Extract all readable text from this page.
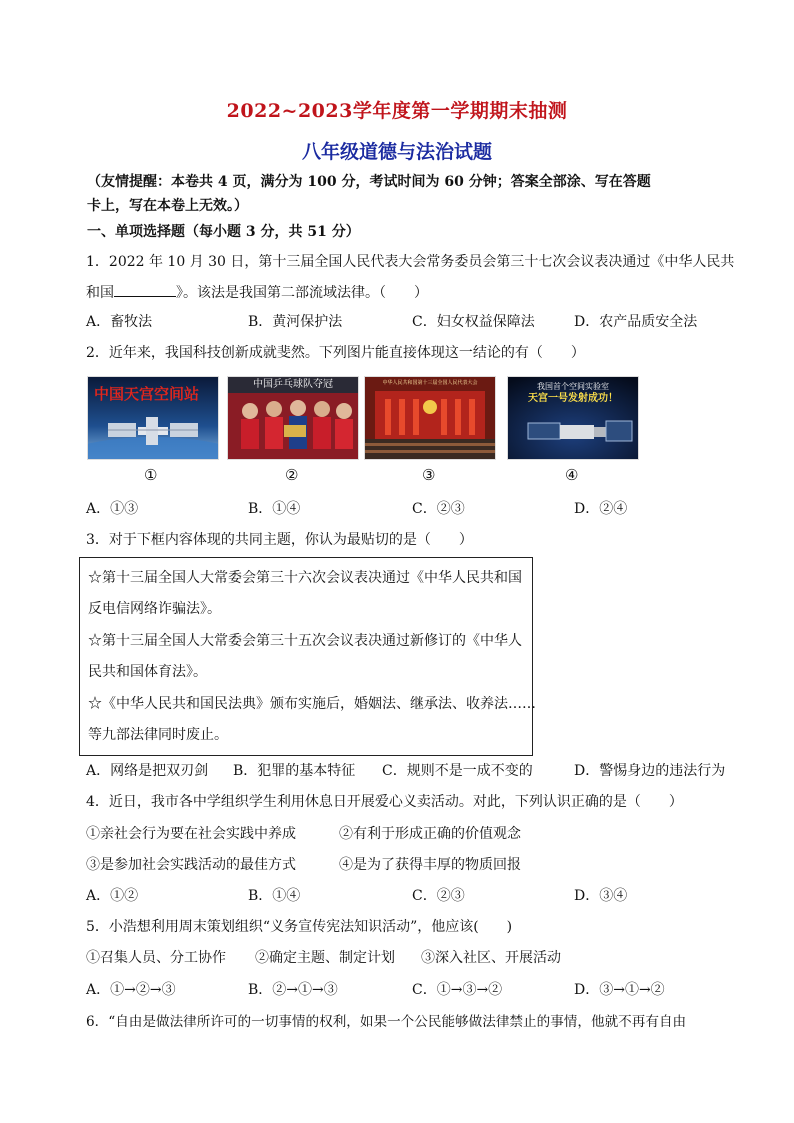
2022~2023学年度第一学期期末抽测
八年级道德与法治试题
（友情提醒：本卷共 4 页，满分为 100 分，考试时间为 60 分钟；答案全部涂、写在答题
卡上，写在本卷上无效。）
一、单项选择题（每小题 3 分，共 51 分）
1．2022 年 10 月 30 日，第十三届全国人民代表大会常务委员会第三十七次会议表决通过《中华人民共
和国	》。该法是我国第二部流域法律。（　　）
A．畜牧法	B．黄河保护法	C．妇女权益保障法	D．农产品质安全法
2．近年来，我国科技创新成就斐然。下列图片能直接体现这一结论的有（　　）
中国天宫空间站
中国乒乓球队夺冠	中华人民共和国第十三届全国人民代表大会	我国首个空间实验室
天宫一号发射成功！
①	②	③	④
A．①③	B．①④	C．②③	D．②④
3．对于下框内容体现的共同主题，你认为最贴切的是（　　）
☆第十三届全国人大常委会第三十六次会议表决通过《中华人民共和国
反电信网络诈骗法》。
☆第十三届全国人大常委会第三十五次会议表决通过新修订的《中华人
民共和国体育法》。
☆《中华人民共和国民法典》颁布实施后，婚姻法、继承法、收养法……
等九部法律同时废止。
A．网络是把双刃剑 B．犯罪的基本特征 C．规则不是一成不变的	D．警惕身边的违法行为
4．近日，我市各中学组织学生利用休息日开展爱心义卖活动。对此，下列认识正确的是（　　）
①亲社会行为要在社会实践中养成	②有利于形成正确的价值观念
③是参加社会实践活动的最佳方式	④是为了获得丰厚的物质回报
A．①②	B．①④	C．②③	D．③④
5．小浩想利用周末策划组织“义务宣传宪法知识活动”，他应该(　　)
①召集人员、分工协作 ②确定主题、制定计划 ③深入社区、开展活动
A．①→②→③	B．②→①→③	C．①→③→②	D．③→①→②
6．“自由是做法律所许可的一切事情的权利，如果一个公民能够做法律禁止的事情，他就不再有自由
